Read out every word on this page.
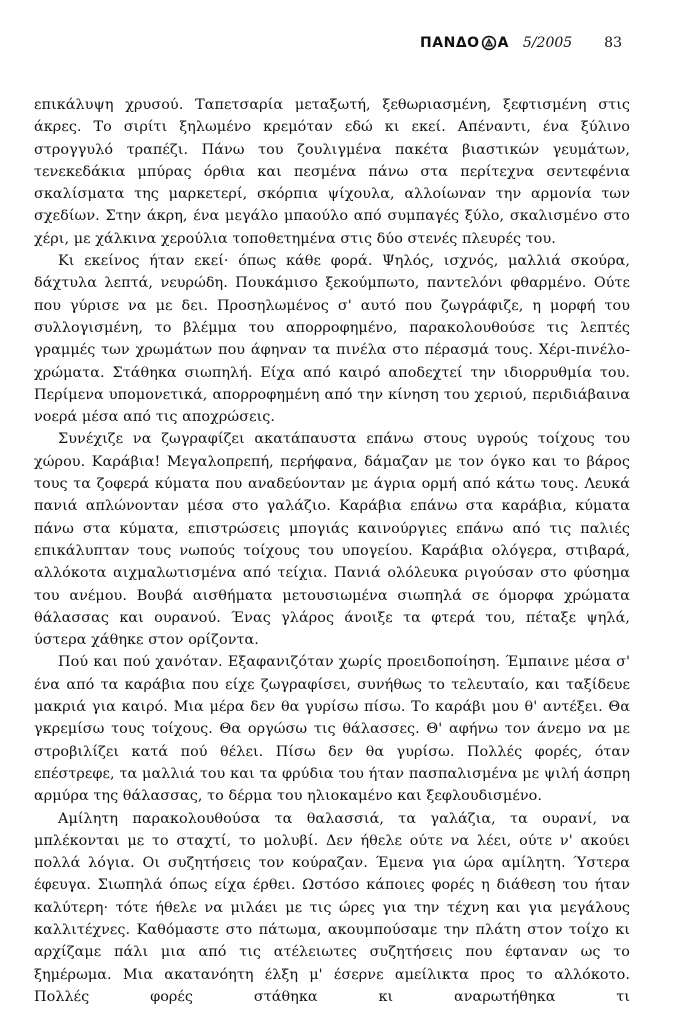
ΠΑΝΔΟ Α 5/2005 83

επικάλυψη χρυσού. Ταπετσαρία μεταξωτή, ξεθωριασμένη, ξεφτισμένη στις άκρες. Το σιρίτι ξηλωμένο κρεμόταν εδώ κι εκεί. Απέναντι, ένα ξύλινο στρογγυλό τραπέζι. Πάνω του ζουλιγμένα πακέτα βιαστικών γευμάτων, τενεκεδάκια μπύρας όρθια και πεσμένα πάνω στα περίτεχνα σεντεφένια σκαλίσματα της μαρκετερί, σκόρπια ψίχουλα, αλλοίωναν την αρμονία των σχεδίων. Στην άκρη, ένα μεγάλο μπαούλο από συμπαγές ξύλο, σκαλισμένο στο χέρι, με χάλκινα χερούλια τοποθετημένα στις δύο στενές πλευρές του.

Κι εκείνος ήταν εκεί· όπως κάθε φορά. Ψηλός, ισχνός, μαλλιά σκούρα, δάχτυλα λεπτά, νευρώδη. Πουκάμισο ξεκούμπωτο, παντελόνι φθαρμένο. Ούτε που γύρισε να με δει. Προσηλωμένος σ' αυτό που ζωγράφιζε, η μορφή του συλλογισμένη, το βλέμμα του απορροφημένο, παρακολουθούσε τις λεπτές γραμμές των χρωμάτων που άφηναν τα πινέλα στο πέρασμά τους. Χέρι-πινέλο-χρώματα. Στάθηκα σιωπηλή. Είχα από καιρό αποδεχτεί την ιδιορρυθμία του. Περίμενα υπομονετικά, απορροφημένη από την κίνηση του χεριού, περιδιάβαινα νοερά μέσα από τις αποχρώσεις.

Συνέχιζε να ζωγραφίζει ακατάπαυστα επάνω στους υγρούς τοίχους του χώρου. Καράβια! Μεγαλοπρεπή, περήφανα, δάμαζαν με τον όγκο και το βάρος τους τα ζοφερά κύματα που αναδεύονταν με άγρια ορμή από κάτω τους. Λευκά πανιά απλώνονταν μέσα στο γαλάζιο. Καράβια επάνω στα καράβια, κύματα πάνω στα κύματα, επιστρώσεις μπογιάς καινούργιες επάνω από τις παλιές επικάλυπταν τους νωπούς τοίχους του υπογείου. Καράβια ολόγερα, στιβαρά, αλλόκοτα αιχμαλωτισμένα από τείχια. Πανιά ολόλευκα ριγούσαν στο φύσημα του ανέμου. Βουβά αισθήματα μετουσιωμένα σιωπηλά σε όμορφα χρώματα θάλασσας και ουρανού. Ένας γλάρος άνοιξε τα φτερά του, πέταξε ψηλά, ύστερα χάθηκε στον ορίζοντα.

Πού και πού χανόταν. Εξαφανιζόταν χωρίς προειδοποίηση. Έμπαινε μέσα σ' ένα από τα καράβια που είχε ζωγραφίσει, συνήθως το τελευταίο, και ταξίδευε μακριά για καιρό. Μια μέρα δεν θα γυρίσω πίσω. Το καράβι μου θ' αντέξει. Θα γκρεμίσω τους τοίχους. Θα οργώσω τις θάλασσες. Θ' αφήνω τον άνεμο να με στροβιλίζει κατά πού θέλει. Πίσω δεν θα γυρίσω. Πολλές φορές, όταν επέστρεφε, τα μαλλιά του και τα φρύδια του ήταν πασπαλισμένα με ψιλή άσπρη αρμύρα της θάλασσας, το δέρμα του ηλιοκαμένο και ξεφλουδισμένο.

Αμίλητη παρακολουθούσα τα θαλασσιά, τα γαλάζια, τα ουρανί, να μπλέκονται με το σταχτί, το μολυβί. Δεν ήθελε ούτε να λέει, ούτε ν' ακούει πολλά λόγια. Οι συζητήσεις τον κούραζαν. Έμενα για ώρα αμίλητη. Ύστερα έφευγα. Σιωπηλά όπως είχα έρθει. Ωστόσο κάποιες φορές η διάθεση του ήταν καλύτερη· τότε ήθελε να μιλάει με τις ώρες για την τέχνη και για μεγάλους καλλιτέχνες. Καθόμαστε στο πάτωμα, ακουμπούσαμε την πλάτη στον τοίχο κι αρχίζαμε πάλι μια από τις ατέλειωτες συζητήσεις που έφταναν ως το ξημέρωμα. Μια ακατανόητη έλξη μ' έσερνε αμείλικτα προς το αλλόκοτο. Πολλές φορές στάθηκα κι αναρωτήθηκα τι
